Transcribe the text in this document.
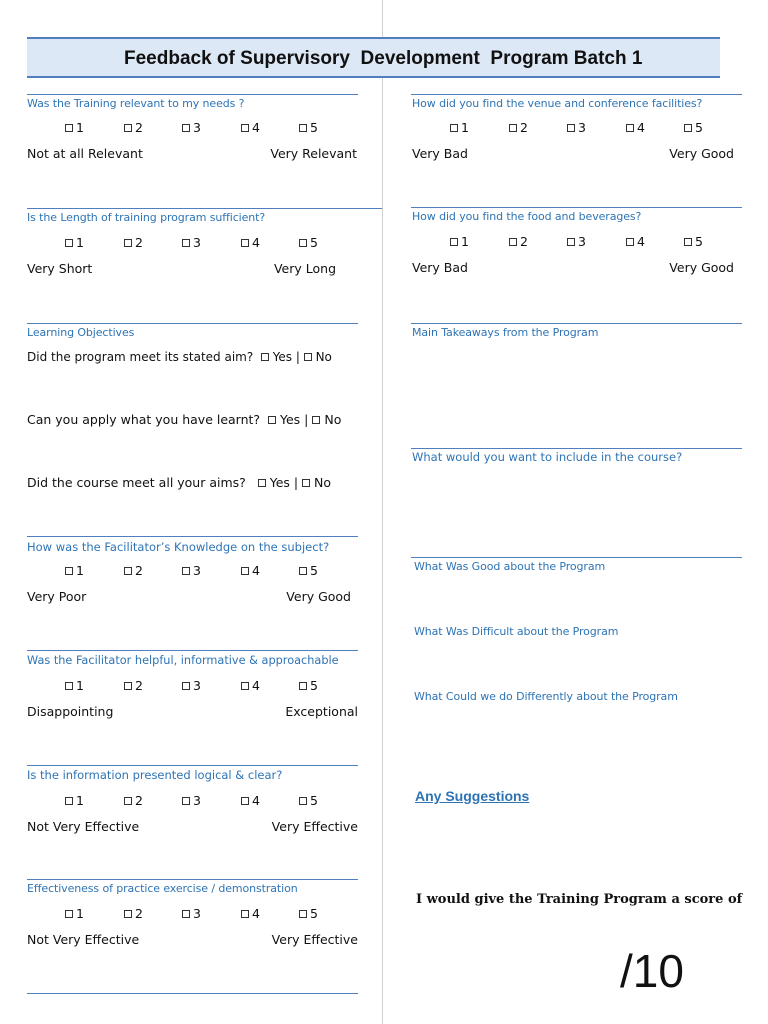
Feedback of Supervisory  Development  Program Batch 1
Was the Training relevant to my needs ?
1	2	3	4	5
Not at all Relevant	Very Relevant
Is the Length of training program sufficient?
1	2	3	4	5
Very Short	Very Long
Learning Objectives
Did the program meet its stated aim? Yes |  No
Can you apply what you have learnt? Yes |  No
Did the course meet all your aims? Yes |  No
How was the Facilitator’s Knowledge on the subject?
1	2	3	4	5
Very Poor	Very Good
Was the Facilitator helpful, informative & approachable
1	2	3	4	5
Disappointing	Exceptional
Is the information presented logical & clear?
1	2	3	4	5
Not Very Effective	Very Effective
Effectiveness of practice exercise / demonstration
1	2	3	4	5
Not Very Effective	Very Effective
How did you find the venue and conference facilities?
1	2	3	4	5
Very Bad	Very Good
How did you find the food and beverages?
1	2	3	4	5
Very Bad	Very Good
Main Takeaways from the Program
What would you want to include in the course?
What Was Good about the Program
What Was Difficult about the Program
What Could we do Differently about the Program
Any Suggestions
I would give the Training Program a score of
/10
